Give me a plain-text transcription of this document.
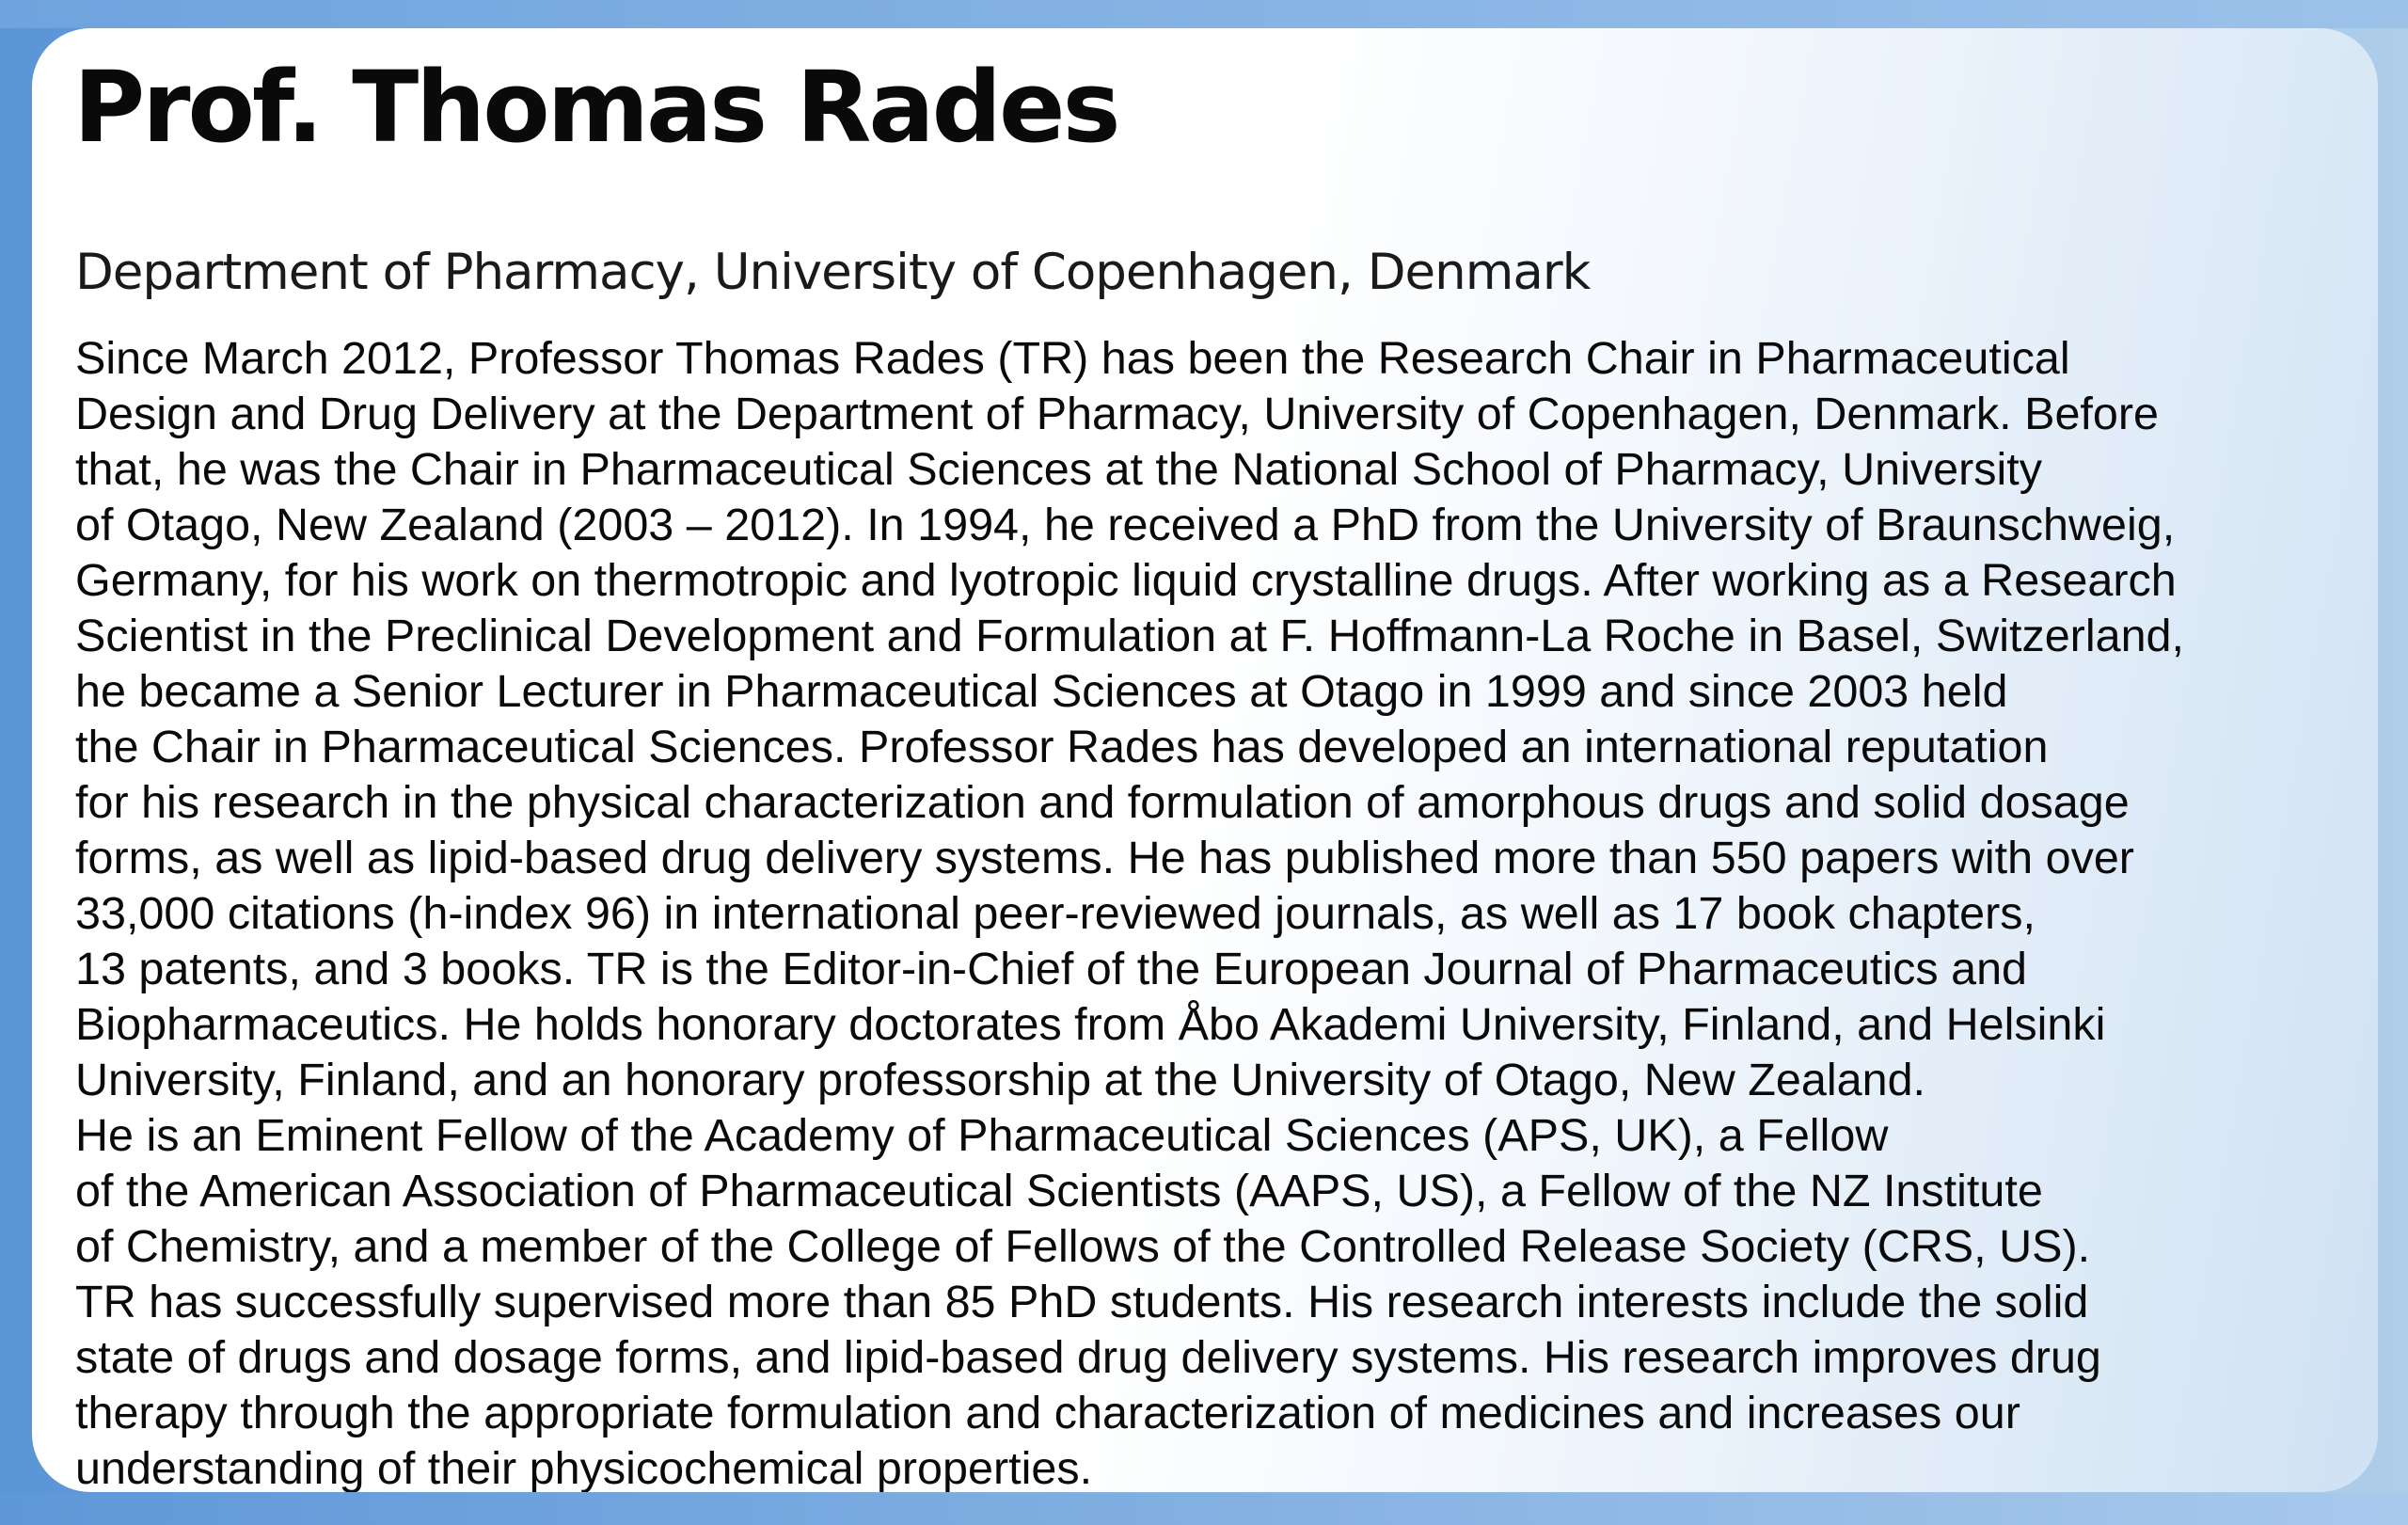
Prof. Thomas Rades

Department of Pharmacy, University of Copenhagen, Denmark

Since March 2012, Professor Thomas Rades (TR) has been the Research Chair in Pharmaceutical
Design and Drug Delivery at the Department of Pharmacy, University of Copenhagen, Denmark. Before
that, he was the Chair in Pharmaceutical Sciences at the National School of Pharmacy, University
of Otago, New Zealand (2003 – 2012). In 1994, he received a PhD from the University of Braunschweig,
Germany, for his work on thermotropic and lyotropic liquid crystalline drugs. After working as a Research
Scientist in the Preclinical Development and Formulation at F. Hoffmann-La Roche in Basel, Switzerland,
he became a Senior Lecturer in Pharmaceutical Sciences at Otago in 1999 and since 2003 held
the Chair in Pharmaceutical Sciences. Professor Rades has developed an international reputation
for his research in the physical characterization and formulation of amorphous drugs and solid dosage
forms, as well as lipid-based drug delivery systems. He has published more than 550 papers with over
33,000 citations (h-index 96) in international peer-reviewed journals, as well as 17 book chapters,
13 patents, and 3 books. TR is the Editor-in-Chief of the European Journal of Pharmaceutics and
Biopharmaceutics. He holds honorary doctorates from Åbo Akademi University, Finland, and Helsinki
University, Finland, and an honorary professorship at the University of Otago, New Zealand.
He is an Eminent Fellow of the Academy of Pharmaceutical Sciences (APS, UK), a Fellow
of the American Association of Pharmaceutical Scientists (AAPS, US), a Fellow of the NZ Institute
of Chemistry, and a member of the College of Fellows of the Controlled Release Society (CRS, US).
TR has successfully supervised more than 85 PhD students. His research interests include the solid
state of drugs and dosage forms, and lipid-based drug delivery systems. His research improves drug
therapy through the appropriate formulation and characterization of medicines and increases our
understanding of their physicochemical properties.
